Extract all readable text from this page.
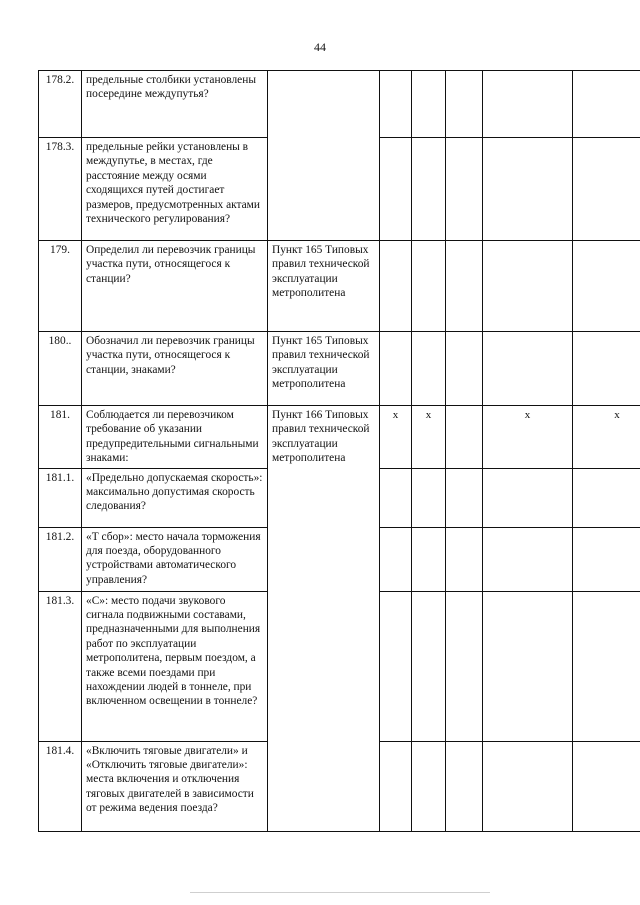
44
178.2.	предельные столбики установлены посередине междупутья?						
178.3.	предельные рейки установлены в междупутье, в местах, где расстояние между осями сходящихся путей достигает размеров, предусмотренных актами технического регулирования?						
179.	Определил ли перевозчик границы участка пути, относящегося к станции?	Пункт 165 Типовых правил технической эксплуатации метрополитена					
180..	Обозначил ли перевозчик границы участка пути, относящегося к станции, знаками?	Пункт 165 Типовых правил технической эксплуатации метрополитена					
181.	Соблюдается ли перевозчиком требование об указании предупредительными сигнальными знаками:	Пункт 166 Типовых правил технической эксплуатации метрополитена	x	x		x	x
181.1.	«Предельно допускаемая скорость»: максимально допустимая скорость следования?						
181.2.	«Т сбор»: место начала торможения для поезда, оборудованного устройствами автоматического управления?						
181.3.	«С»: место подачи звукового сигнала подвижными составами, предназначенными для выполнения работ по эксплуатации метрополитена, первым поездом, а также всеми поездами при нахождении людей в тоннеле, при включенном освещении в тоннеле?						
181.4.	«Включить тяговые двигатели» и «Отключить тяговые двигатели»: места включения и отключения тяговых двигателей в зависимости от режима ведения поезда?						
